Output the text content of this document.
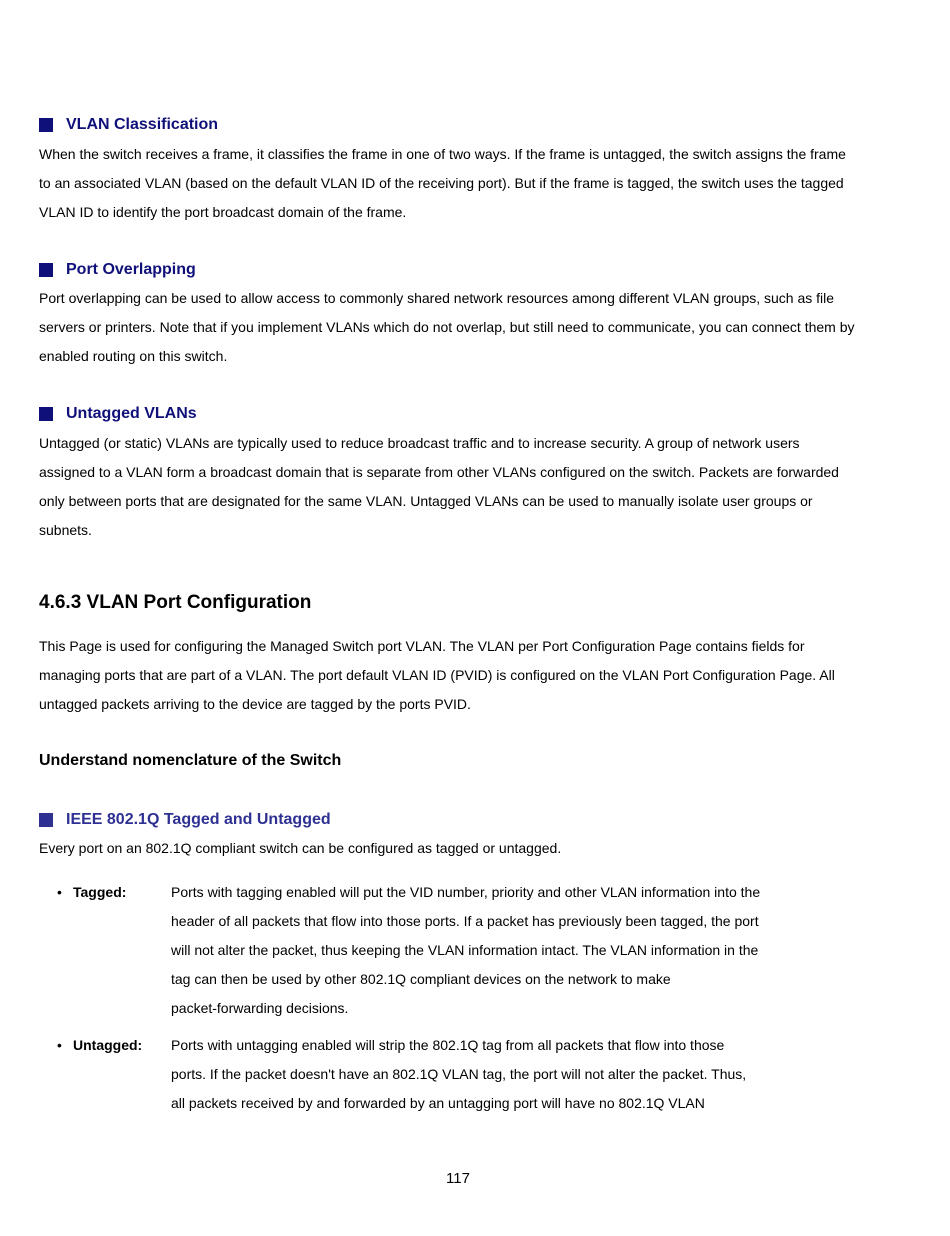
VLAN Classification
When the switch receives a frame, it classifies the frame in one of two ways. If the frame is untagged, the switch assigns the frame
to an associated VLAN (based on the default VLAN ID of the receiving port). But if the frame is tagged, the switch uses the tagged
VLAN ID to identify the port broadcast domain of the frame.
Port Overlapping
Port overlapping can be used to allow access to commonly shared network resources among different VLAN groups, such as file
servers or printers. Note that if you implement VLANs which do not overlap, but still need to communicate, you can connect them by
enabled routing on this switch.
Untagged VLANs
Untagged (or static) VLANs are typically used to reduce broadcast traffic and to increase security. A group of network users
assigned to a VLAN form a broadcast domain that is separate from other VLANs configured on the switch. Packets are forwarded
only between ports that are designated for the same VLAN. Untagged VLANs can be used to manually isolate user groups or
subnets.
4.6.3 VLAN Port Configuration
This Page is used for configuring the Managed Switch port VLAN. The VLAN per Port Configuration Page contains fields for
managing ports that are part of a VLAN. The port default VLAN ID (PVID) is configured on the VLAN Port Configuration Page. All
untagged packets arriving to the device are tagged by the ports PVID.
Understand nomenclature of the Switch
IEEE 802.1Q Tagged and Untagged
Every port on an 802.1Q compliant switch can be configured as tagged or untagged.
• Tagged:	Ports with tagging enabled will put the VID number, priority and other VLAN information into the
header of all packets that flow into those ports. If a packet has previously been tagged, the port
will not alter the packet, thus keeping the VLAN information intact. The VLAN information in the
tag can then be used by other 802.1Q compliant devices on the network to make
packet-forwarding decisions.
• Untagged: Ports with untagging enabled will strip the 802.1Q tag from all packets that flow into those
ports. If the packet doesn't have an 802.1Q VLAN tag, the port will not alter the packet. Thus,
all packets received by and forwarded by an untagging port will have no 802.1Q VLAN
117
